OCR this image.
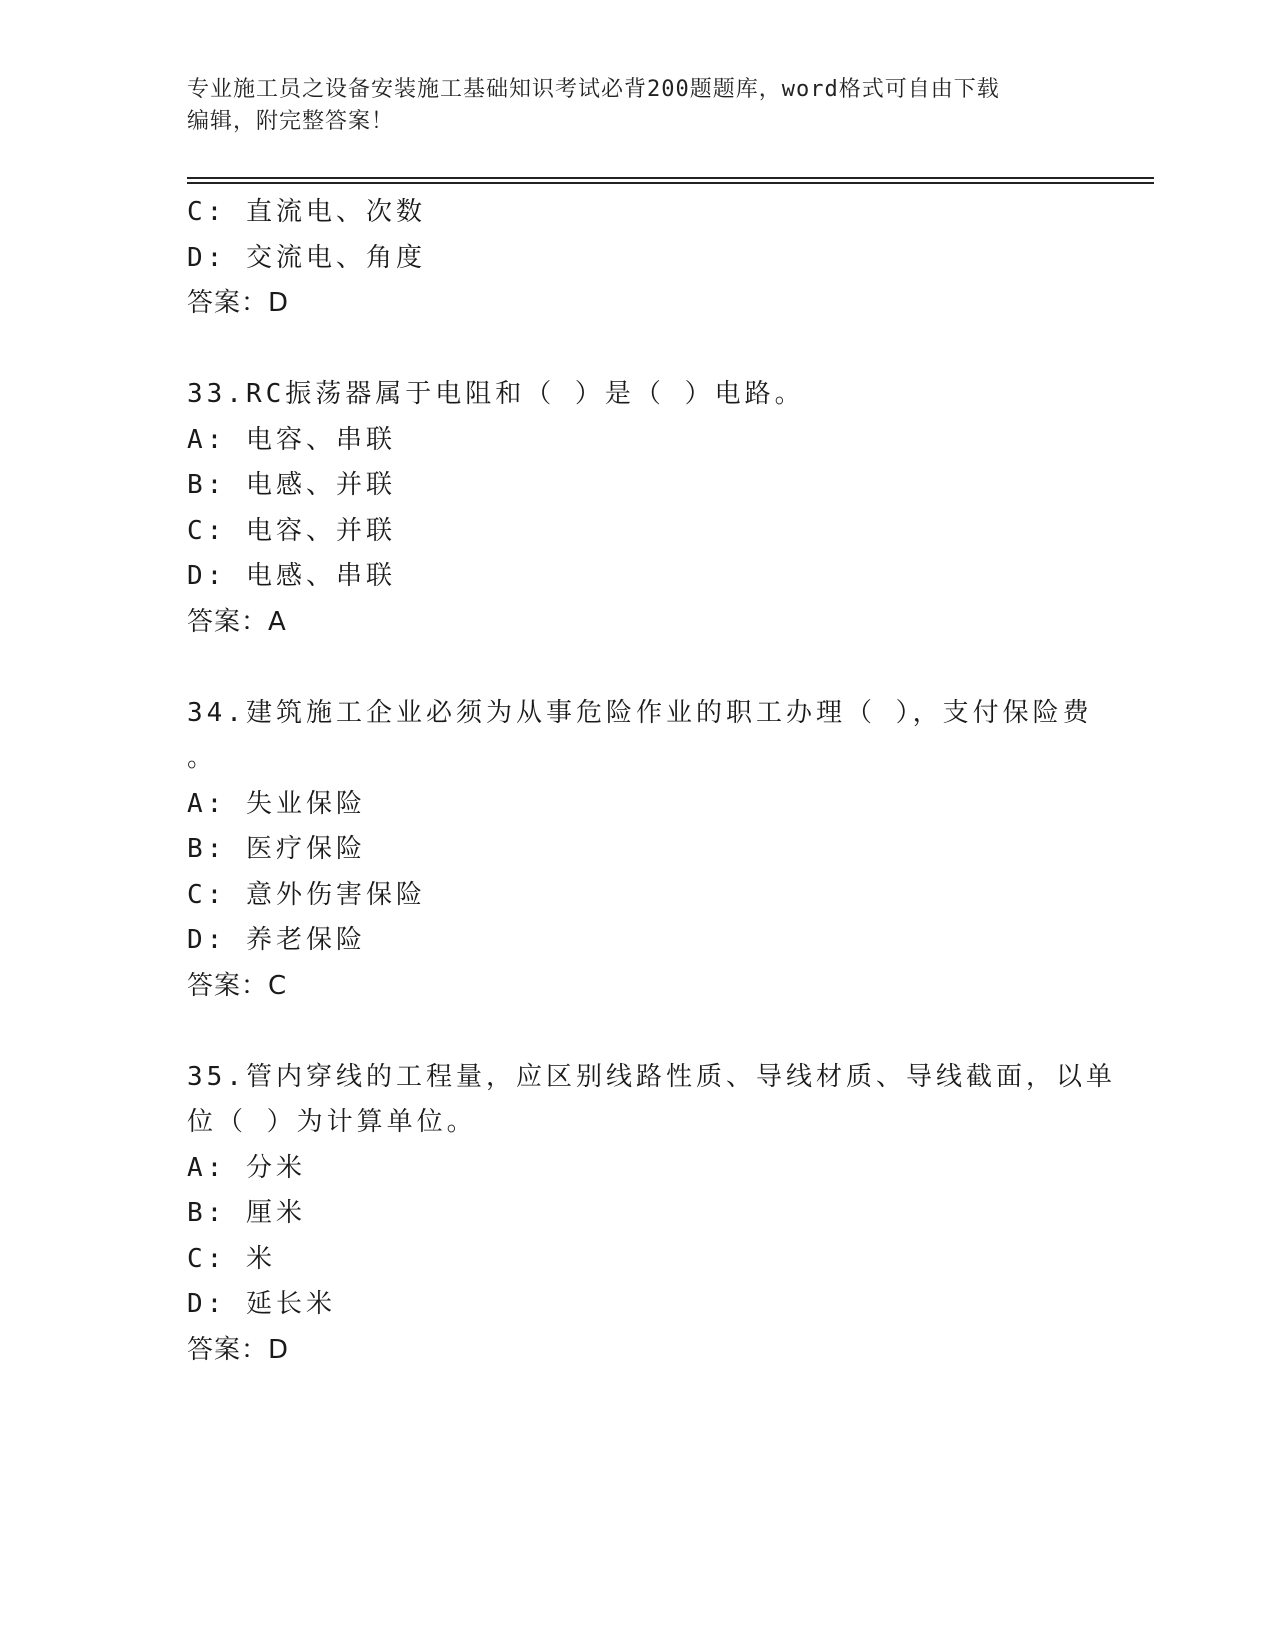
专业施工员之设备安装施工基础知识考试必背200题题库，word格式可自由下载
编辑，附完整答案！
C: 直流电、次数
D: 交流电、角度
答案：D
33.RC振荡器属于电阻和（ ）是（ ）电路。
A: 电容、串联
B: 电感、并联
C: 电容、并联
D: 电感、串联
答案：A
34.建筑施工企业必须为从事危险作业的职工办理（ ），支付保险费
。
A: 失业保险
B: 医疗保险
C: 意外伤害保险
D: 养老保险
答案：C
35.管内穿线的工程量，应区别线路性质、导线材质、导线截面，以单
位（ ）为计算单位。
A: 分米
B: 厘米
C: 米
D: 延长米
答案：D
